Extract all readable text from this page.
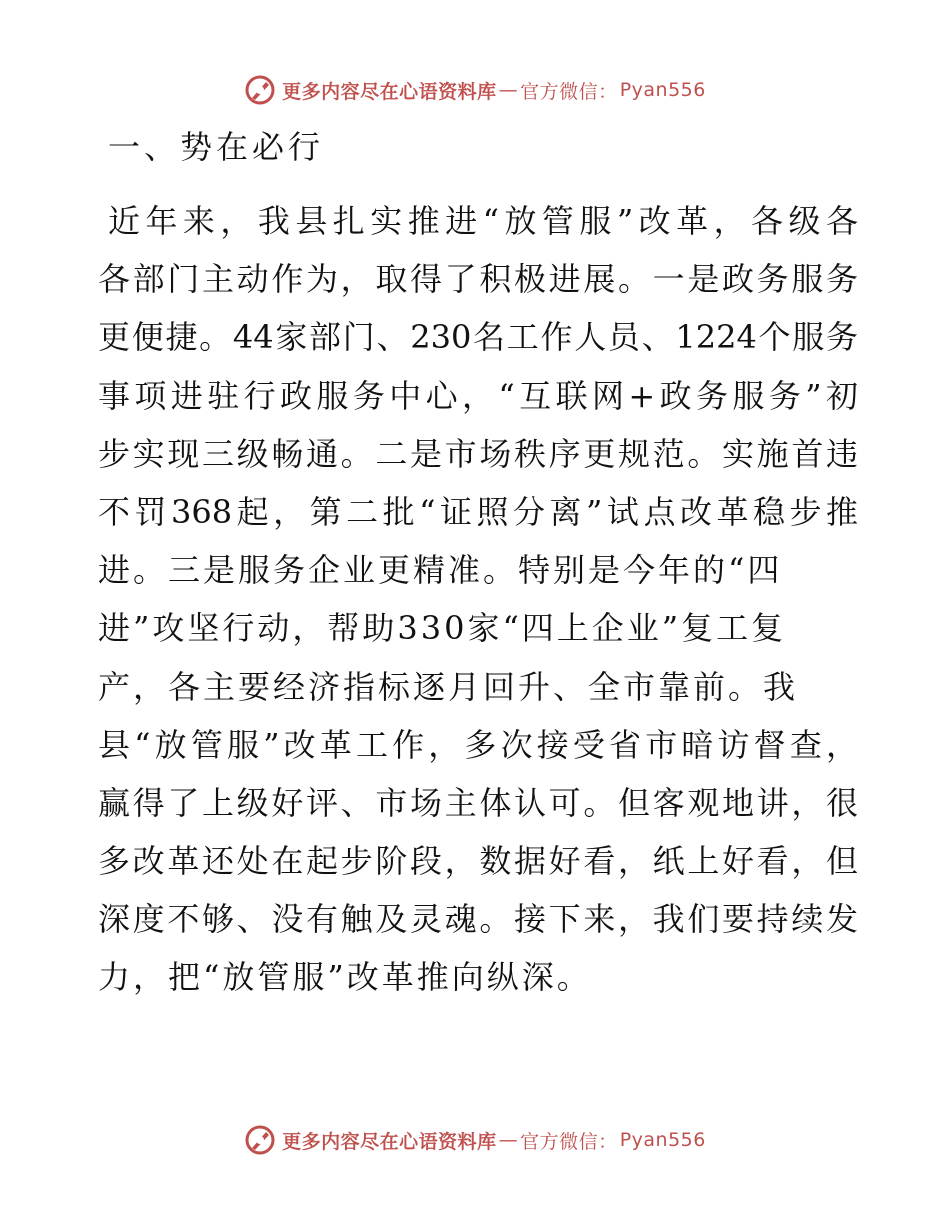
更多内容尽在心语资料库 — 官方微信： Pyan556
一、势在必行
近年来，我县扎实推进“放管服”改革，各级各
各部门主动作为，取得了积极进展。一是政务服务
更便捷。44家部门、230名工作人员、1224个服务
事项进驻行政服务中心，“互联网+政务服务”初
步实现三级畅通。二是市场秩序更规范。实施首违
不罚368起，第二批“证照分离”试点改革稳步推
进。三是服务企业更精准。特别是今年的“四
进”攻坚行动，帮助330家“四上企业”复工复
产，各主要经济指标逐月回升、全市靠前。我
县“放管服”改革工作，多次接受省市暗访督查，
赢得了上级好评、市场主体认可。但客观地讲，很
多改革还处在起步阶段，数据好看，纸上好看，但
深度不够、没有触及灵魂。接下来，我们要持续发
力，把“放管服”改革推向纵深。
更多内容尽在心语资料库 — 官方微信： Pyan556
